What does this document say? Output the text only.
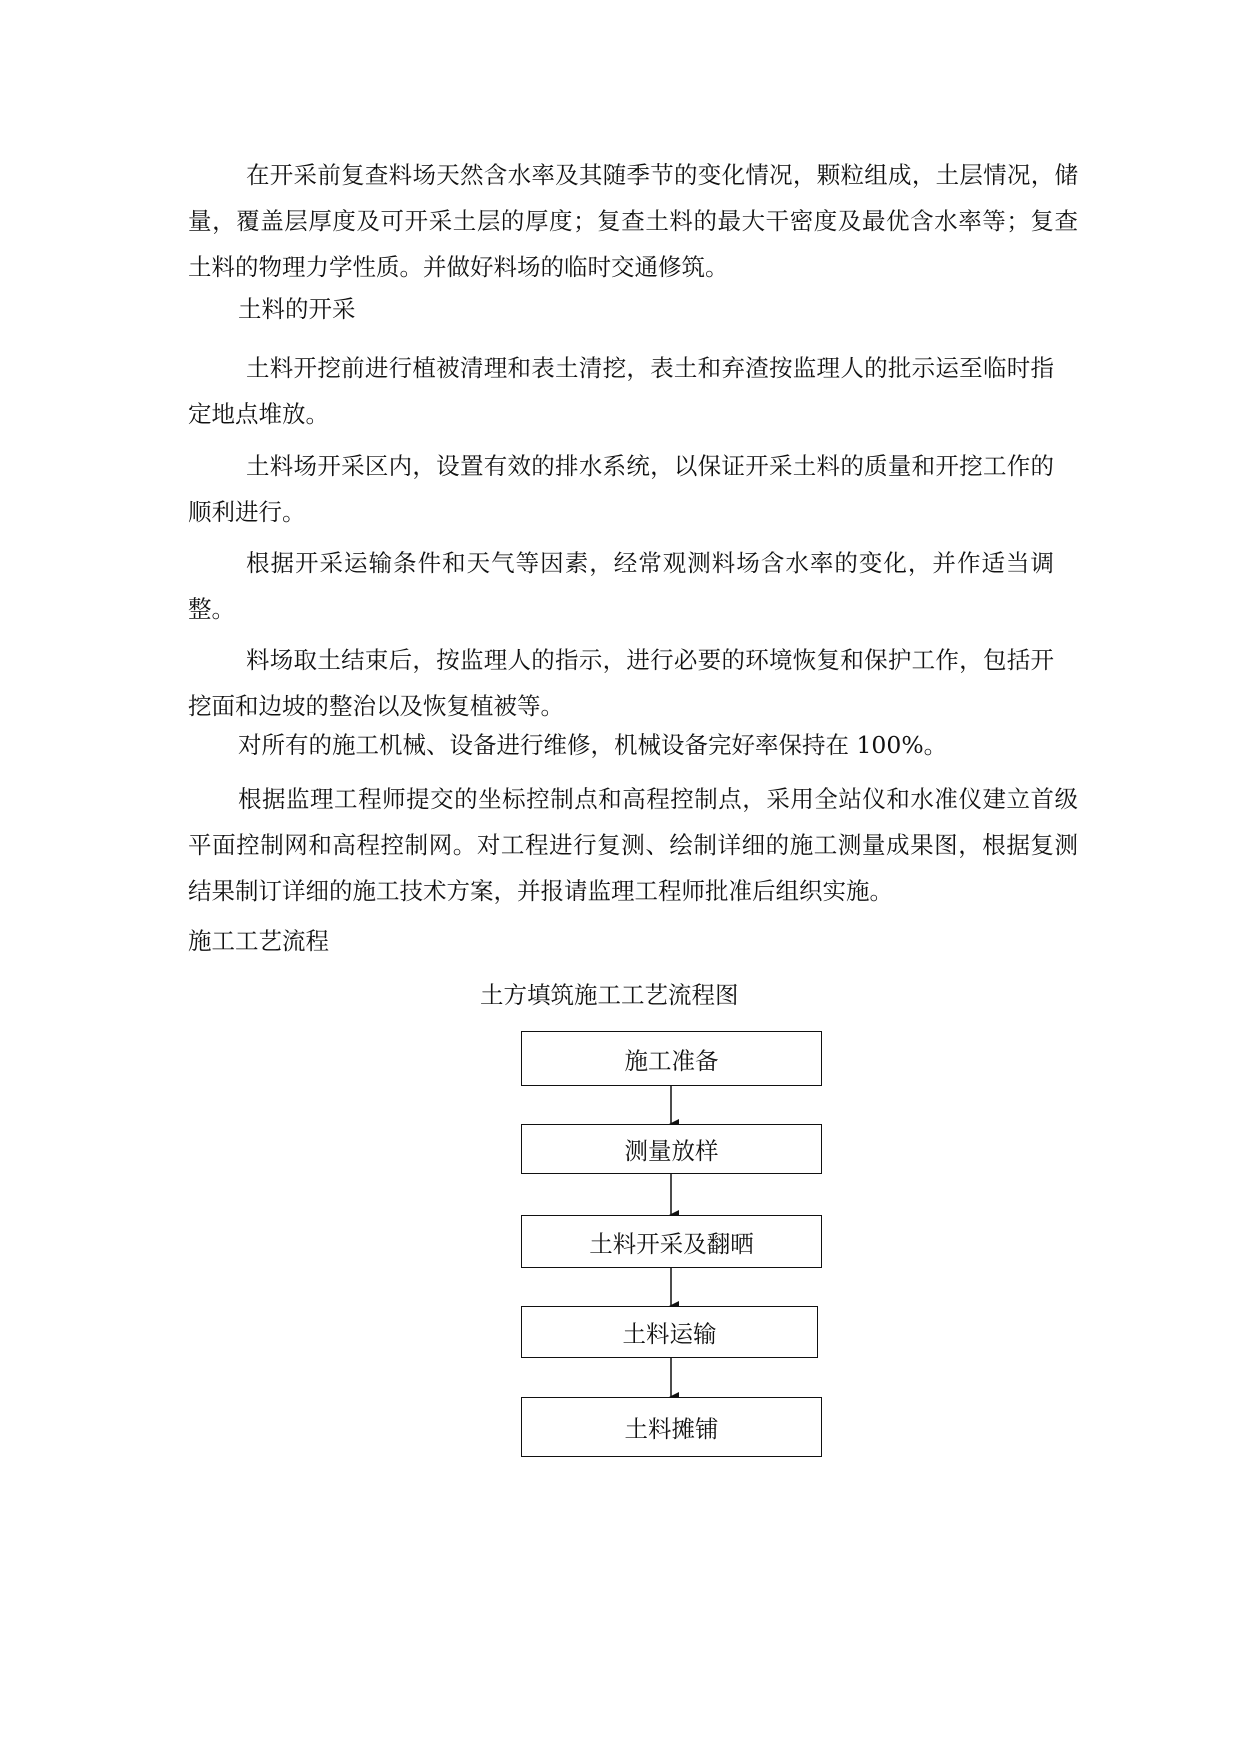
在开采前复查料场天然含水率及其随季节的变化情况，颗粒组成，土层情况，储量，覆盖层厚度及可开采土层的厚度；复查土料的最大干密度及最优含水率等；复查土料的物理力学性质。并做好料场的临时交通修筑。

土料的开采

土料开挖前进行植被清理和表土清挖，表土和弃渣按监理人的批示运至临时指定地点堆放。

土料场开采区内，设置有效的排水系统，以保证开采土料的质量和开挖工作的顺利进行。

根据开采运输条件和天气等因素，经常观测料场含水率的变化，并作适当调整。

料场取土结束后，按监理人的指示，进行必要的环境恢复和保护工作，包括开挖面和边坡的整治以及恢复植被等。

对所有的施工机械、设备进行维修，机械设备完好率保持在 100%。

根据监理工程师提交的坐标控制点和高程控制点，采用全站仪和水准仪建立首级平面控制网和高程控制网。对工程进行复测、绘制详细的施工测量成果图，根据复测结果制订详细的施工技术方案，并报请监理工程师批准后组织实施。

施工工艺流程

土方填筑施工工艺流程图
施工准备
测量放样
土料开采及翻晒
土料运输
土料摊铺
